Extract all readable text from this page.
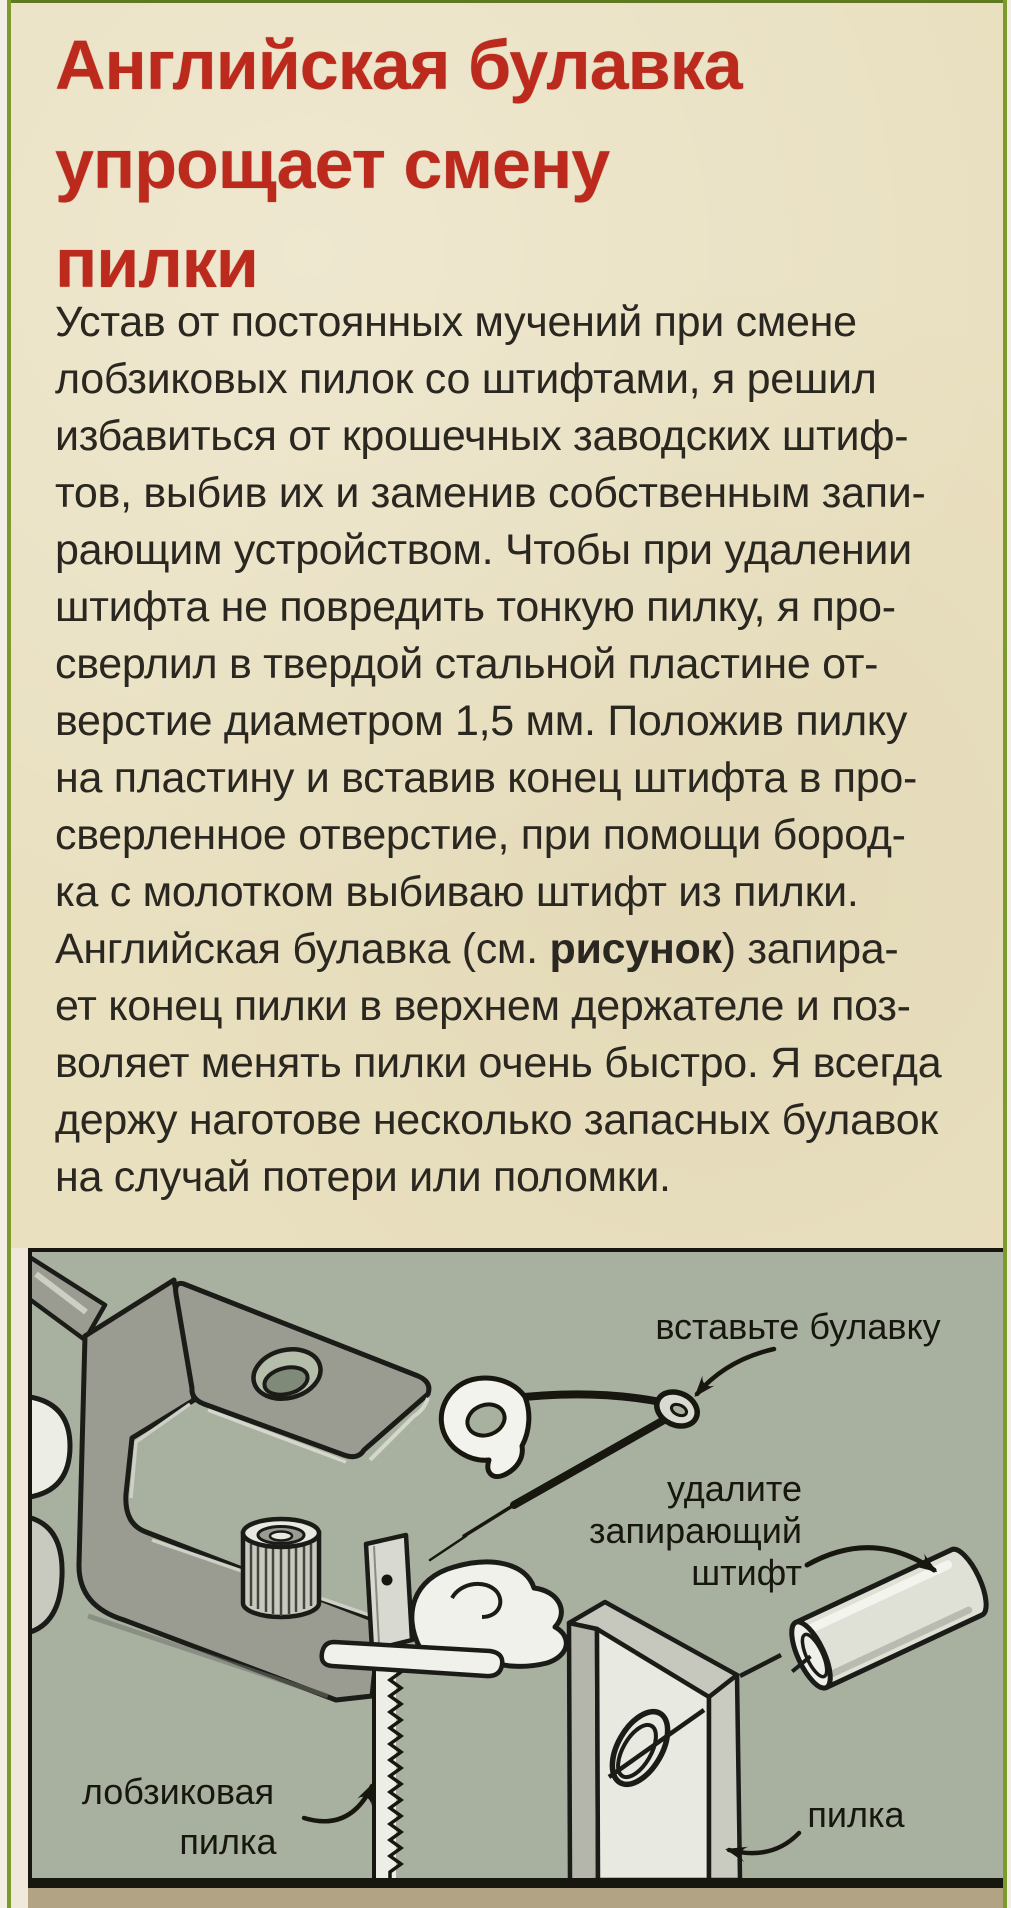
Английская булавка
упрощает смену
пилки
Устав от постоянных мучений при смене
лобзиковых пилок со штифтами, я решил
избавиться от крошечных заводских штиф-
тов, выбив их и заменив собственным запи-
рающим устройством. Чтобы при удалении
штифта не повредить тонкую пилку, я про-
сверлил в твердой стальной пластине от-
верстие диаметром 1,5 мм. Положив пилку
на пластину и вставив конец штифта в про-
сверленное отверстие, при помощи бород-
ка с молотком выбиваю штифт из пилки.
Английская булавка (см. рисунок) запира-
ет конец пилки в верхнем держателе и поз-
воляет менять пилки очень быстро. Я всегда
держу наготове несколько запасных булавок
на случай потери или поломки.
вставьте булавку
удалите
запирающий
штифт
лобзиковая
пилка
пилка
